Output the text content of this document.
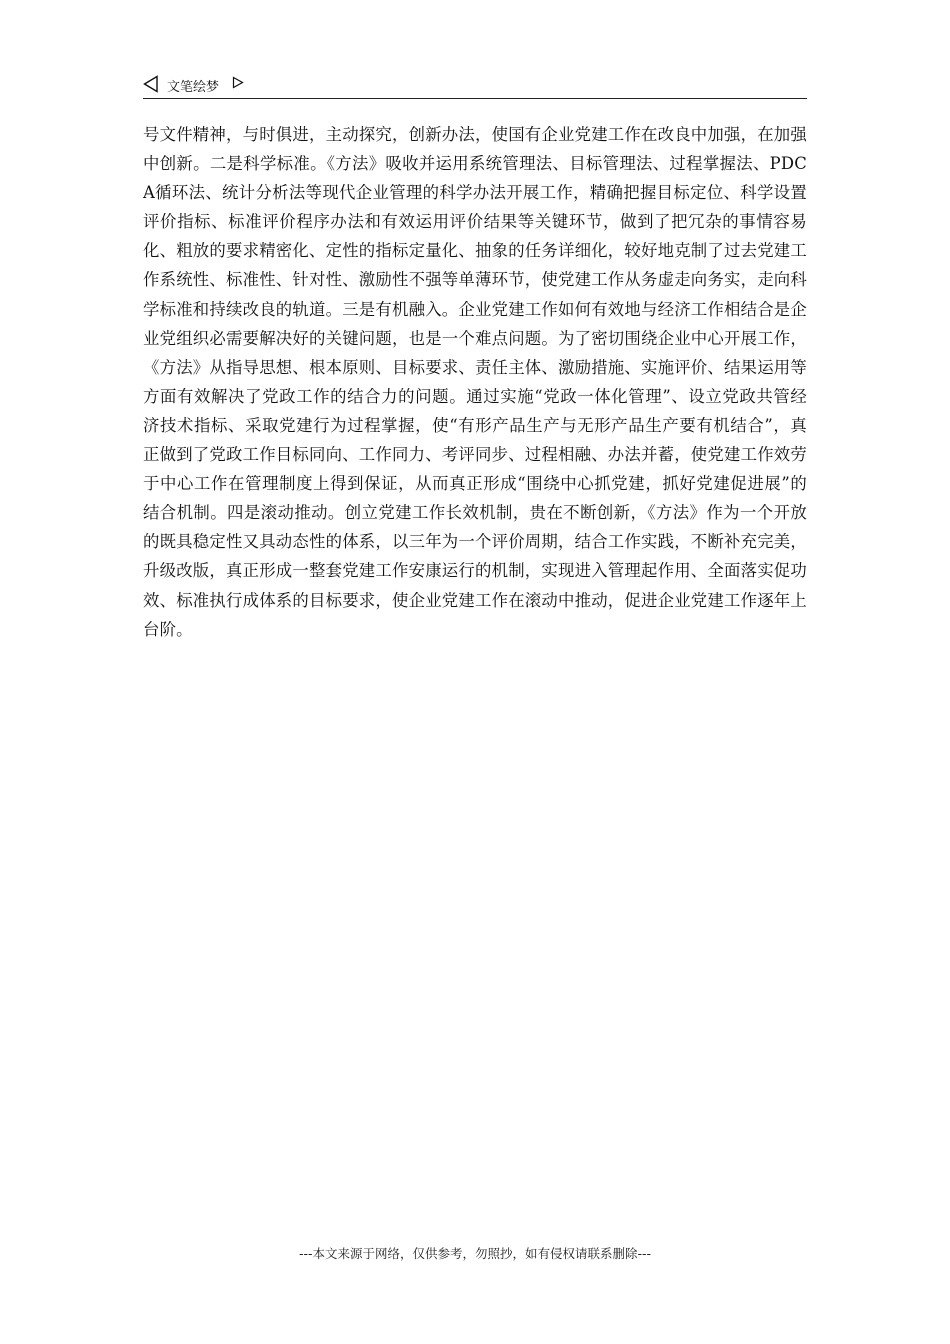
文笔绘梦

号文件精神，与时俱进，主动探究，创新办法，使国有企业党建工作在改良中加强，在加强中创新。二是科学标准。《方法》吸收并运用系统管理法、目标管理法、过程掌握法、PDCA循环法、统计分析法等现代企业管理的科学办法开展工作，精确把握目标定位、科学设置评价指标、标准评价程序办法和有效运用评价结果等关键环节，做到了把冗杂的事情容易化、粗放的要求精密化、定性的指标定量化、抽象的任务详细化，较好地克制了过去党建工作系统性、标准性、针对性、激励性不强等单薄环节，使党建工作从务虚走向务实，走向科学标准和持续改良的轨道。三是有机融入。企业党建工作如何有效地与经济工作相结合是企业党组织必需要解决好的关键问题，也是一个难点问题。为了密切围绕企业中心开展工作，《方法》从指导思想、根本原则、目标要求、责任主体、激励措施、实施评价、结果运用等方面有效解决了党政工作的结合力的问题。通过实施“党政一体化管理”、设立党政共管经济技术指标、采取党建行为过程掌握，使“有形产品生产与无形产品生产要有机结合”，真正做到了党政工作目标同向、工作同力、考评同步、过程相融、办法并蓄，使党建工作效劳于中心工作在管理制度上得到保证，从而真正形成“围绕中心抓党建，抓好党建促进展”的结合机制。四是滚动推动。创立党建工作长效机制，贵在不断创新，《方法》作为一个开放的既具稳定性又具动态性的体系，以三年为一个评价周期，结合工作实践，不断补充完美，升级改版，真正形成一整套党建工作安康运行的机制，实现进入管理起作用、全面落实促功效、标准执行成体系的目标要求，使企业党建工作在滚动中推动，促进企业党建工作逐年上台阶。

---本文来源于网络，仅供参考，勿照抄，如有侵权请联系删除---
